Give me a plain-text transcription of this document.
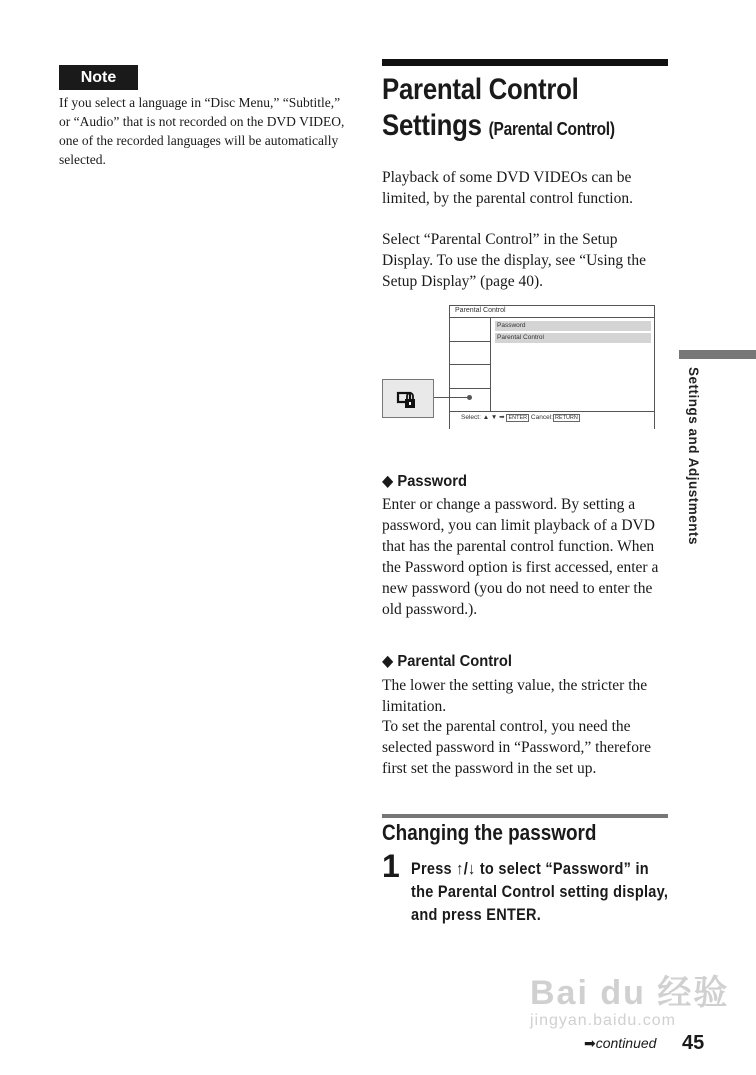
Note
If you select a language in “Disc Menu,” “Subtitle,” or “Audio” that is not recorded on the DVD VIDEO, one of the recorded languages will be automatically selected.
Parental Control
Settings (Parental Control)
Playback of some DVD VIDEOs can be limited, by the parental control function.
Select “Parental Control” in the Setup Display. To use the display, see “Using the Setup Display” (page 40).
Parental Control
Password
Parental Control
Select: ▲ ▼ ➡ ENTER Cancel: RETURN
◆ Password
Enter or change a password. By setting a password, you can limit playback of a DVD that has the parental control function. When the Password option is first accessed, enter a new password (you do not need to enter the old password.).
◆ Parental Control
The lower the setting value, the stricter the limitation.
To set the parental control, you need the selected password in “Password,” therefore first set the password in the set up.
Changing the password
1 Press ↑/↓ to select “Password” in the Parental Control setting display, and press ENTER.
Settings and Adjustments
Bai du 经验
jingyan.baidu.com
➡continued 45
